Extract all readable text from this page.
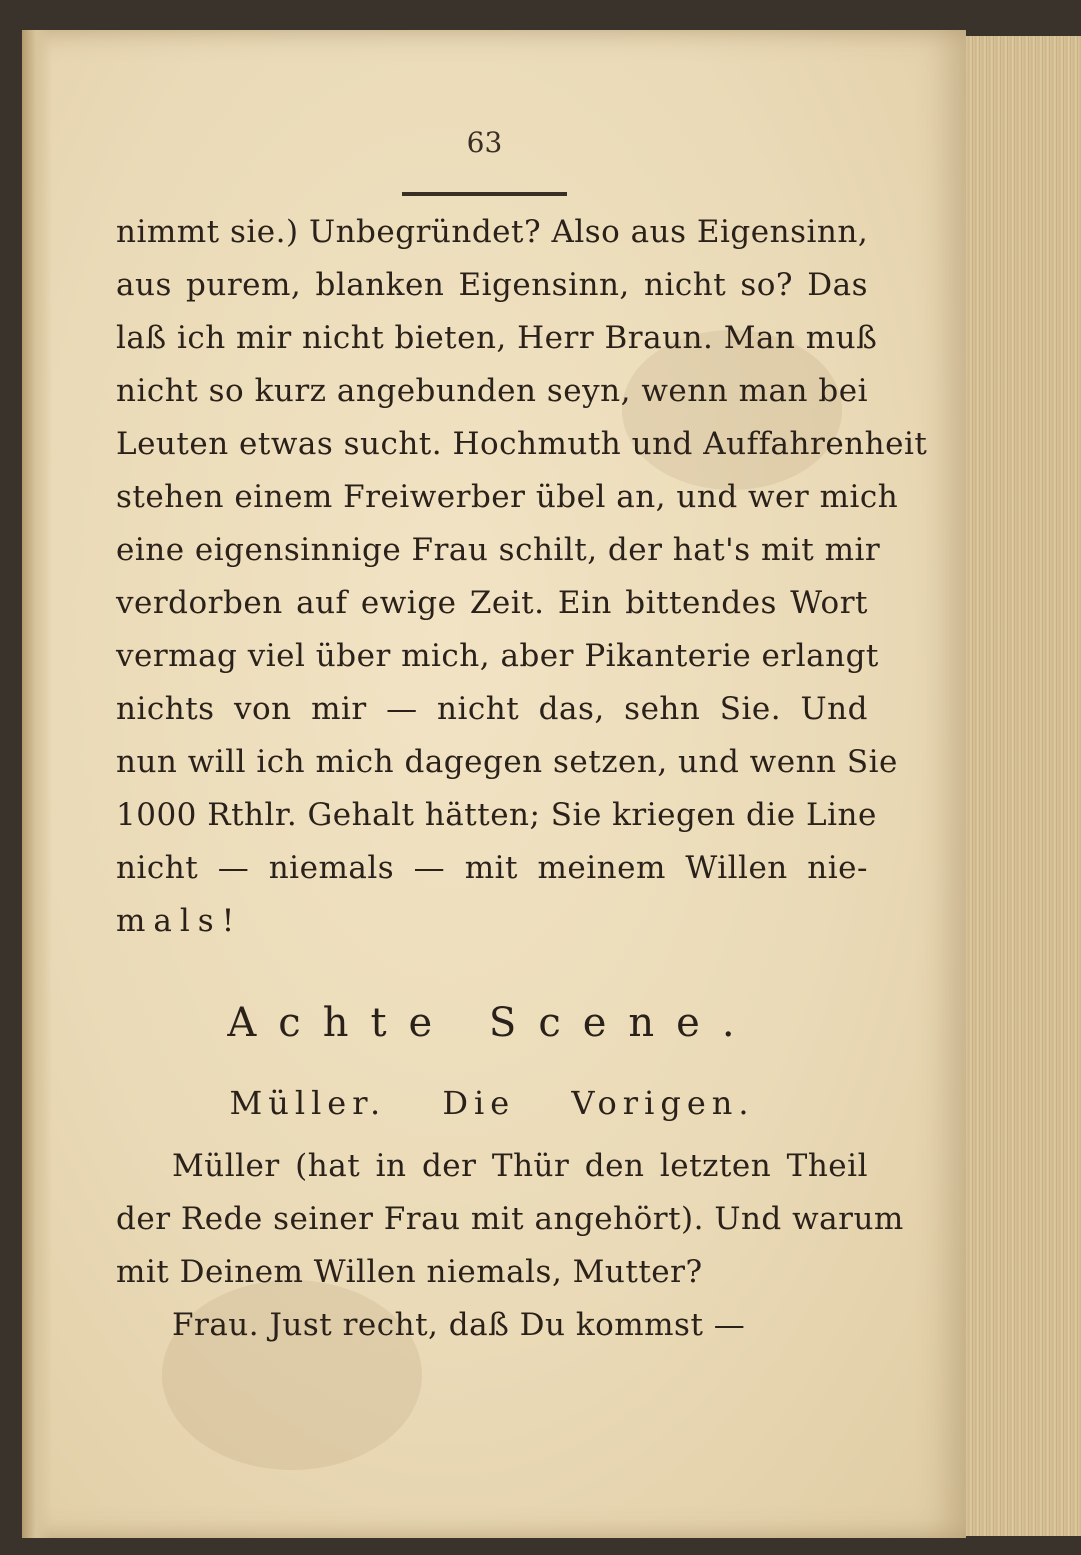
63
nimmt sie.) Unbegründet? Also aus Eigensinn,
aus purem, blanken Eigensinn, nicht so? Das
laß ich mir nicht bieten, Herr Braun. Man muß
nicht so kurz angebunden seyn, wenn man bei
Leuten etwas sucht. Hochmuth und Auffahrenheit
stehen einem Freiwerber übel an, und wer mich
eine eigensinnige Frau schilt, der hat's mit mir
verdorben auf ewige Zeit. Ein bittendes Wort
vermag viel über mich, aber Pikanterie erlangt
nichts von mir — nicht das, sehn Sie. Und
nun will ich mich dagegen setzen, und wenn Sie
1000 Rthlr. Gehalt hätten; Sie kriegen die Line
nicht — niemals — mit meinem Willen nie-
mals!
Achte Scene.
Müller. Die Vorigen.
Müller (hat in der Thür den letzten Theil
der Rede seiner Frau mit angehört). Und warum
mit Deinem Willen niemals, Mutter?
Frau. Just recht, daß Du kommst —
